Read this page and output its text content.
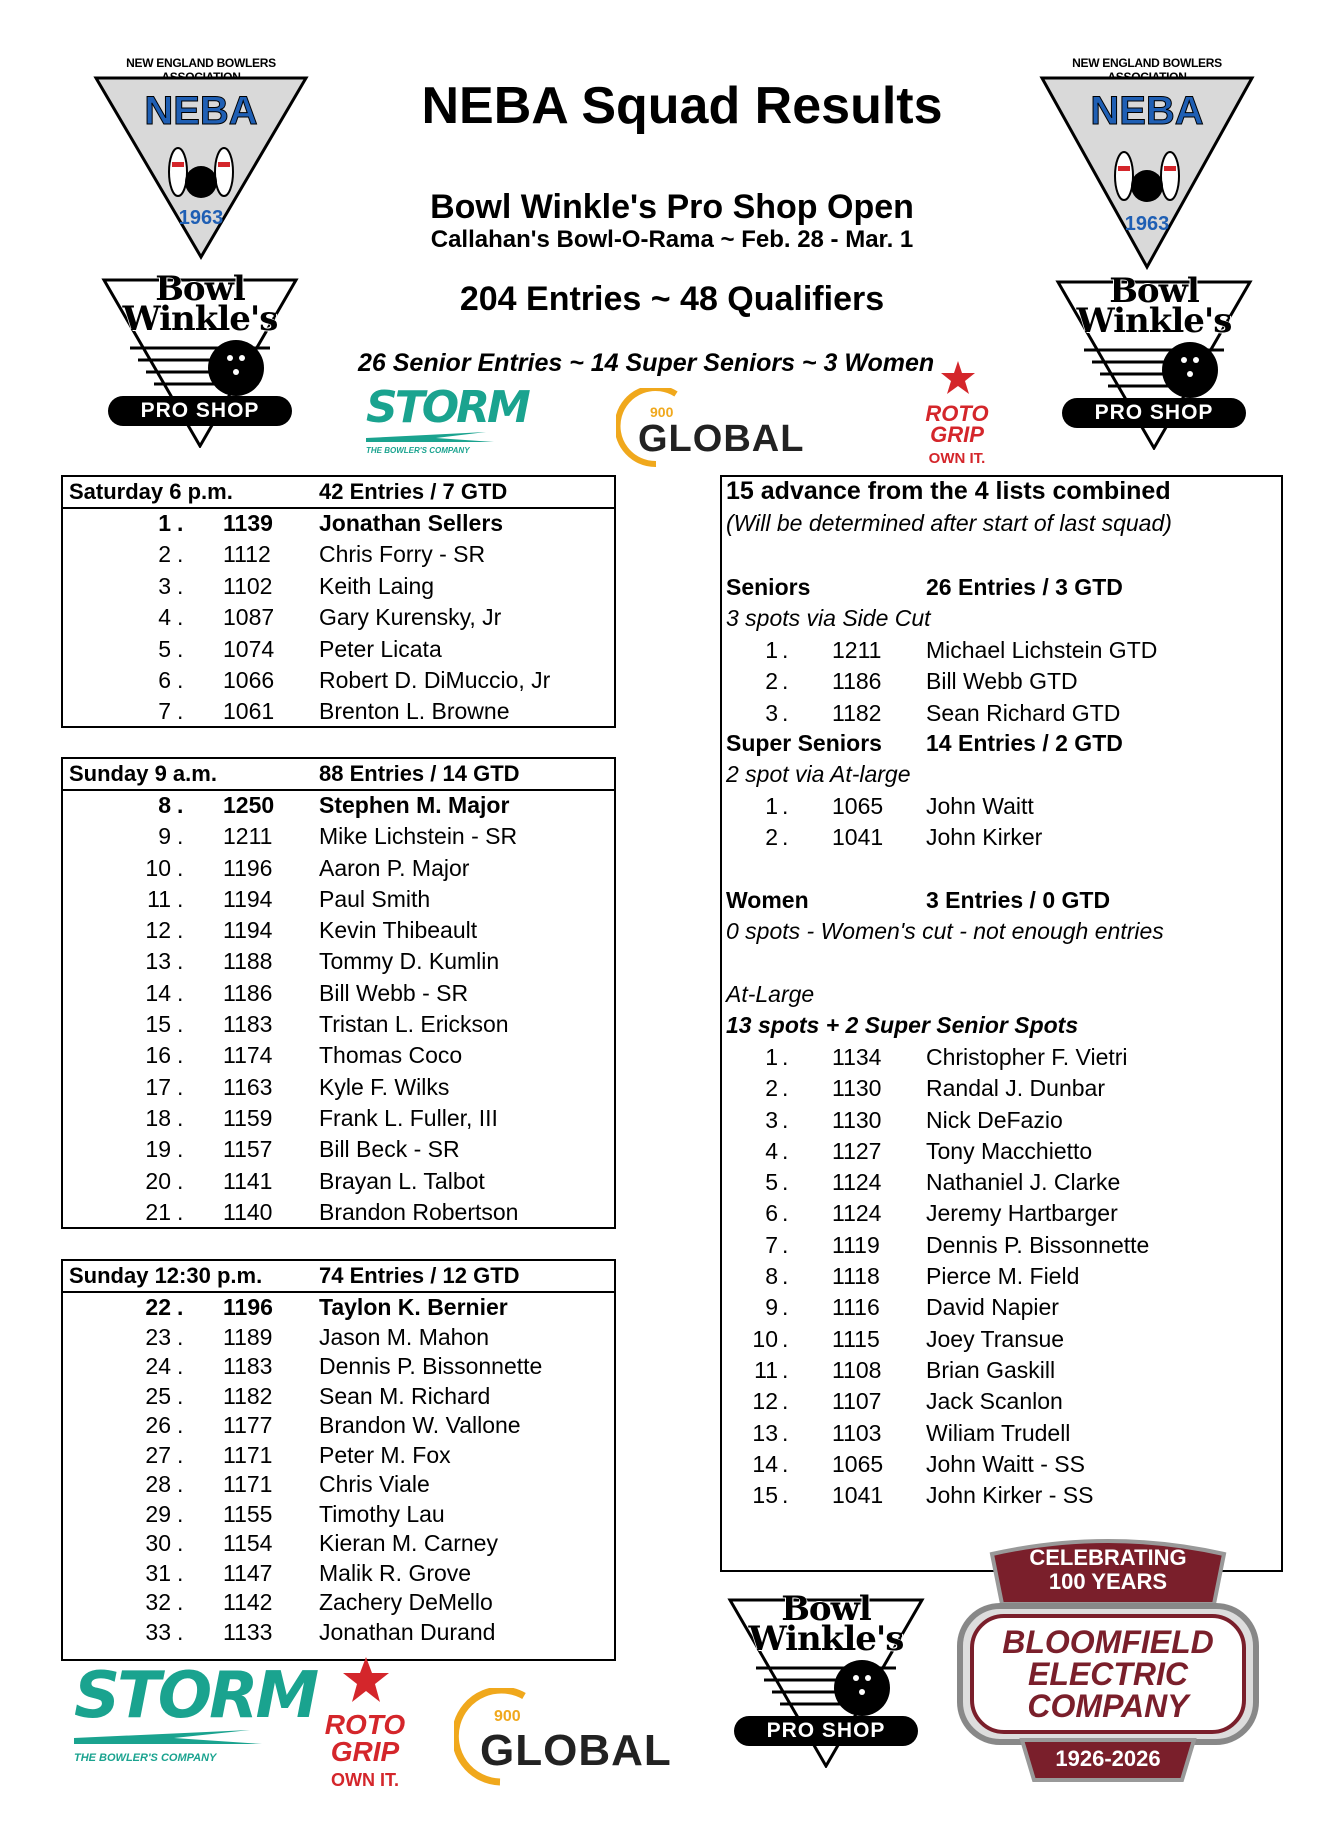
NEBA Squad Results
Bowl Winkle's Pro Shop Open
Callahan's Bowl-O-Rama ~ Feb. 28 - Mar. 1
204 Entries ~ 48 Qualifiers
26 Senior Entries ~ 14 Super Seniors ~ 3 Women
NEW ENGLAND BOWLERS
NEBA
1963
NEW ENGLAND BOWLERS
NEBA
1963
Bowl Winkle's
PRO SHOP
Bowl Winkle's
PRO SHOP
STORM
THE BOWLER'S COMPANY
900
GLOBAL
ROTO
GRIP
OWN IT.
Saturday 6 p.m.	42 Entries / 7 GTD
1 . 1139 Jonathan Sellers
2 . 1112 Chris Forry - SR
3 . 1102 Keith Laing
4 . 1087 Gary Kurensky, Jr
5 . 1074 Peter Licata
6 . 1066 Robert D. DiMuccio, Jr
7 . 1061 Brenton L. Browne
Sunday 9 a.m.	88 Entries / 14 GTD
8 . 1250 Stephen M. Major
9 . 1211 Mike Lichstein - SR
10 . 1196 Aaron P. Major
11 . 1194 Paul Smith
12 . 1194 Kevin Thibeault
13 . 1188 Tommy D. Kumlin
14 . 1186 Bill Webb - SR
15 . 1183 Tristan L. Erickson
16 . 1174 Thomas Coco
17 . 1163 Kyle F. Wilks
18 . 1159 Frank L. Fuller, III
19 . 1157 Bill Beck - SR
20 . 1141 Brayan L. Talbot
21 . 1140 Brandon Robertson
Sunday 12:30 p.m.	74 Entries / 12 GTD
22 . 1196 Taylon K. Bernier
23 . 1189 Jason M. Mahon
24 . 1183 Dennis P. Bissonnette
25 . 1182 Sean M. Richard
26 . 1177 Brandon W. Vallone
27 . 1171 Peter M. Fox
28 . 1171 Chris Viale
29 . 1155 Timothy Lau
30 . 1154 Kieran M. Carney
31 . 1147 Malik R. Grove
32 . 1142 Zachery DeMello
33 . 1133 Jonathan Durand
15 advance from the 4 lists combined
(Will be determined after start of last squad)
Seniors	26 Entries / 3 GTD
3 spots via Side Cut
1 . 1211 Michael Lichstein GTD
2 . 1186 Bill Webb GTD
3 . 1182 Sean Richard GTD
Super Seniors 14 Entries / 2 GTD
2 spot via At-large
1 . 1065 John Waitt
2 . 1041 John Kirker
Women	3 Entries / 0 GTD
0 spots - Women's cut - not enough entries
At-Large
13 spots + 2 Super Senior Spots
1 . 1134 Christopher F. Vietri
2 . 1130 Randal J. Dunbar
3 . 1130 Nick DeFazio
4 . 1127 Tony Macchietto
5 . 1124 Nathaniel J. Clarke
6 . 1124 Jeremy Hartbarger
7 . 1119 Dennis P. Bissonnette
8 . 1118 Pierce M. Field
9 . 1116 David Napier
10 . 1115 Joey Transue
11 . 1108 Brian Gaskill
12 . 1107 Jack Scanlon
13 . 1103 Wiliam Trudell
14 . 1065 John Waitt - SS
15 . 1041 John Kirker - SS
STORM
THE BOWLER'S COMPANY
ROTO
GRIP
OWN IT.
900
GLOBAL
Bowl Winkle's
PRO SHOP
CELEBRATING
100 YEARS
BLOOMFIELD
ELECTRIC
COMPANY
1926-2026
